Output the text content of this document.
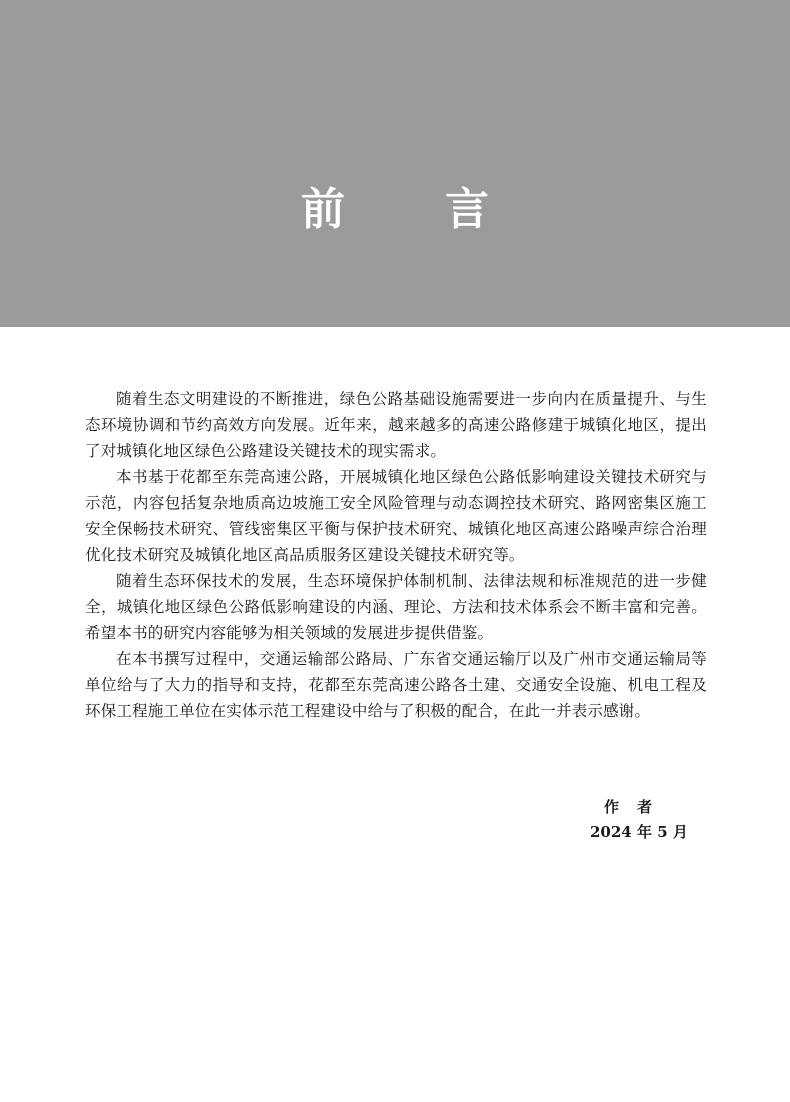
前 言

随着生态文明建设的不断推进，绿色公路基础设施需要进一步向内在质量提升、与生态环境协调和节约高效方向发展。近年来，越来越多的高速公路修建于城镇化地区，提出了对城镇化地区绿色公路建设关键技术的现实需求。

本书基于花都至东莞高速公路，开展城镇化地区绿色公路低影响建设关键技术研究与示范，内容包括复杂地质高边坡施工安全风险管理与动态调控技术研究、路网密集区施工安全保畅技术研究、管线密集区平衡与保护技术研究、城镇化地区高速公路噪声综合治理优化技术研究及城镇化地区高品质服务区建设关键技术研究等。

随着生态环保技术的发展，生态环境保护体制机制、法律法规和标准规范的进一步健全，城镇化地区绿色公路低影响建设的内涵、理论、方法和技术体系会不断丰富和完善。希望本书的研究内容能够为相关领域的发展进步提供借鉴。

在本书撰写过程中，交通运输部公路局、广东省交通运输厅以及广州市交通运输局等单位给与了大力的指导和支持，花都至东莞高速公路各土建、交通安全设施、机电工程及环保工程施工单位在实体示范工程建设中给与了积极的配合，在此一并表示感谢。

作者
2024 年 5 月
